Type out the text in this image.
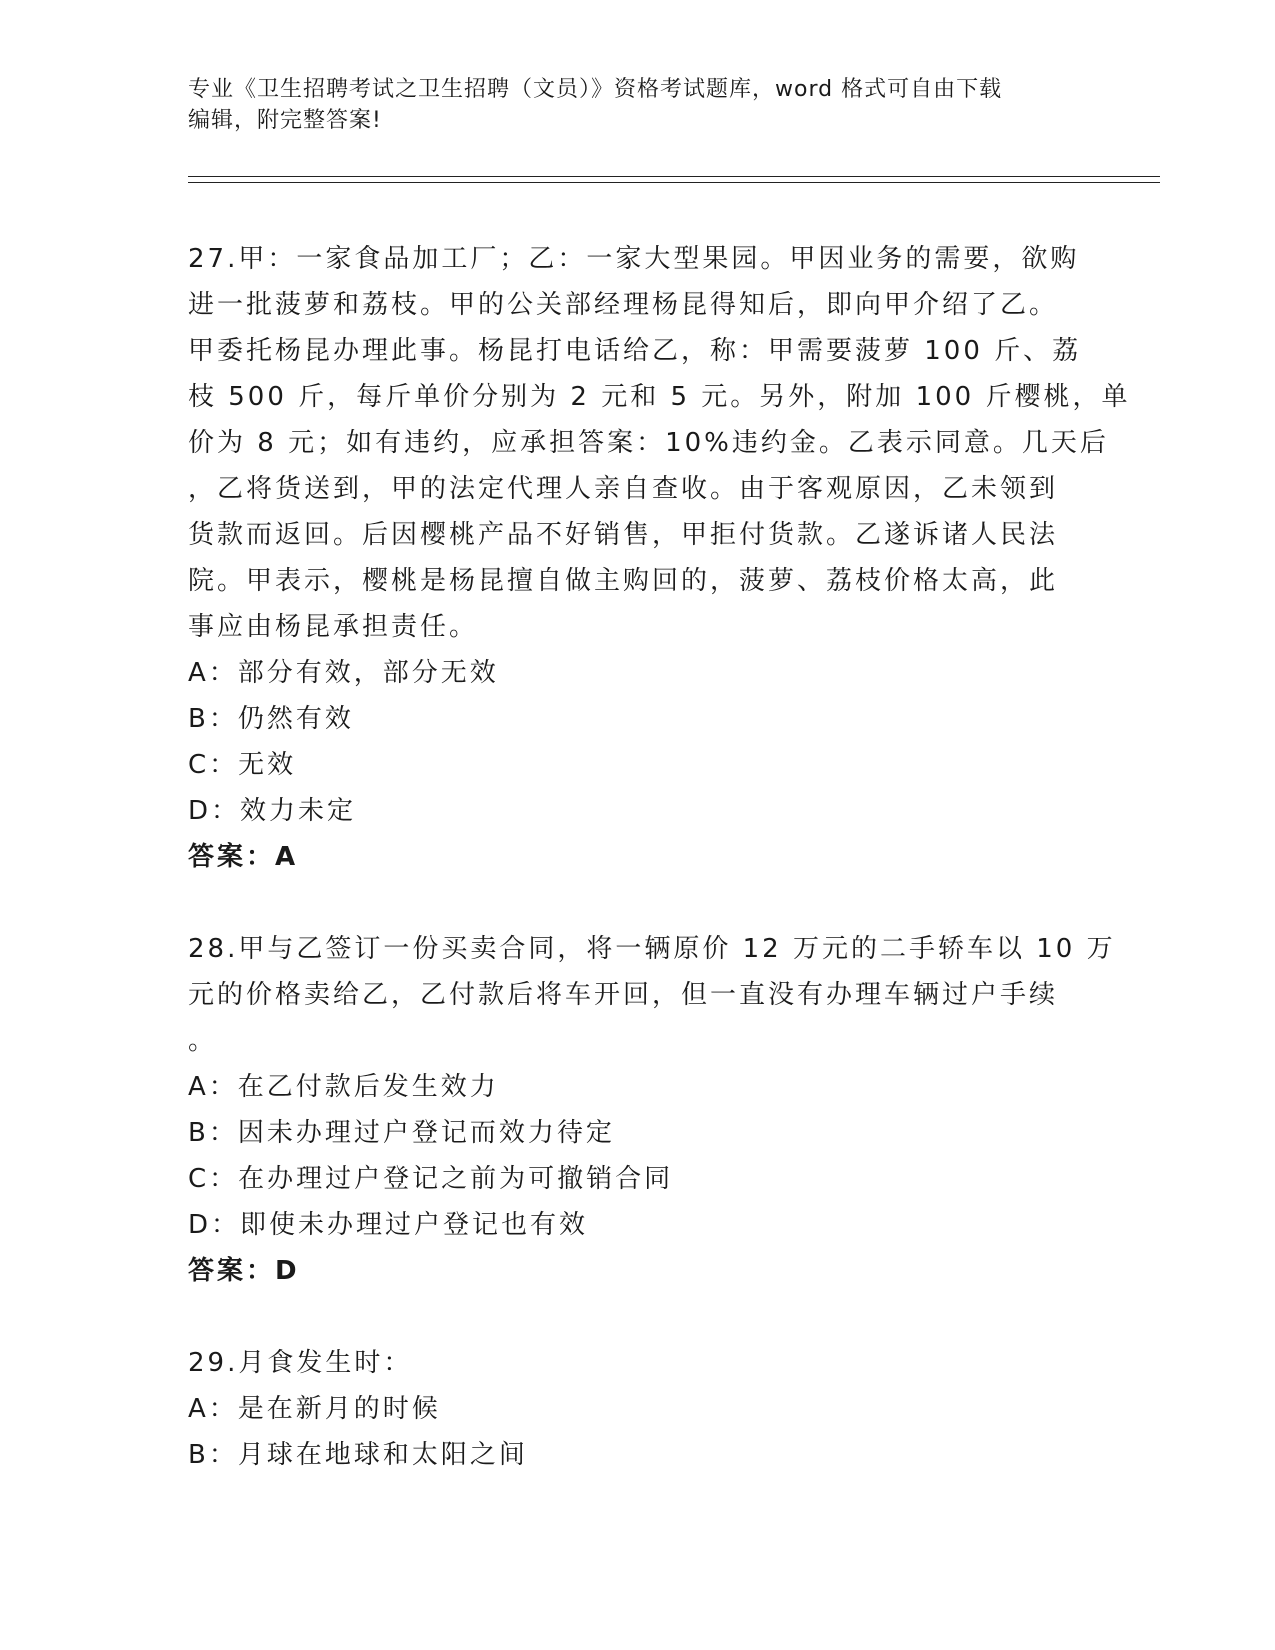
专业《卫生招聘考试之卫生招聘（文员）》资格考试题库，word 格式可自由下载
编辑，附完整答案!
27.甲：一家食品加工厂；乙：一家大型果园。甲因业务的需要，欲购
进一批菠萝和荔枝。甲的公关部经理杨昆得知后，即向甲介绍了乙。
甲委托杨昆办理此事。杨昆打电话给乙，称：甲需要菠萝 100 斤、荔
枝 500 斤，每斤单价分别为 2 元和 5 元。另外，附加 100 斤樱桃，单
价为 8 元；如有违约，应承担答案：10%违约金。乙表示同意。几天后
，乙将货送到，甲的法定代理人亲自查收。由于客观原因，乙未领到
货款而返回。后因樱桃产品不好销售，甲拒付货款。乙遂诉诸人民法
院。甲表示，樱桃是杨昆擅自做主购回的，菠萝、荔枝价格太高，此
事应由杨昆承担责任。
A：部分有效，部分无效
B：仍然有效
C：无效
D：效力未定
答案：A
28.甲与乙签订一份买卖合同，将一辆原价 12 万元的二手轿车以 10 万
元的价格卖给乙，乙付款后将车开回，但一直没有办理车辆过户手续
。
A：在乙付款后发生效力
B：因未办理过户登记而效力待定
C：在办理过户登记之前为可撤销合同
D：即使未办理过户登记也有效
答案：D
29.月食发生时：
A：是在新月的时候
B：月球在地球和太阳之间
